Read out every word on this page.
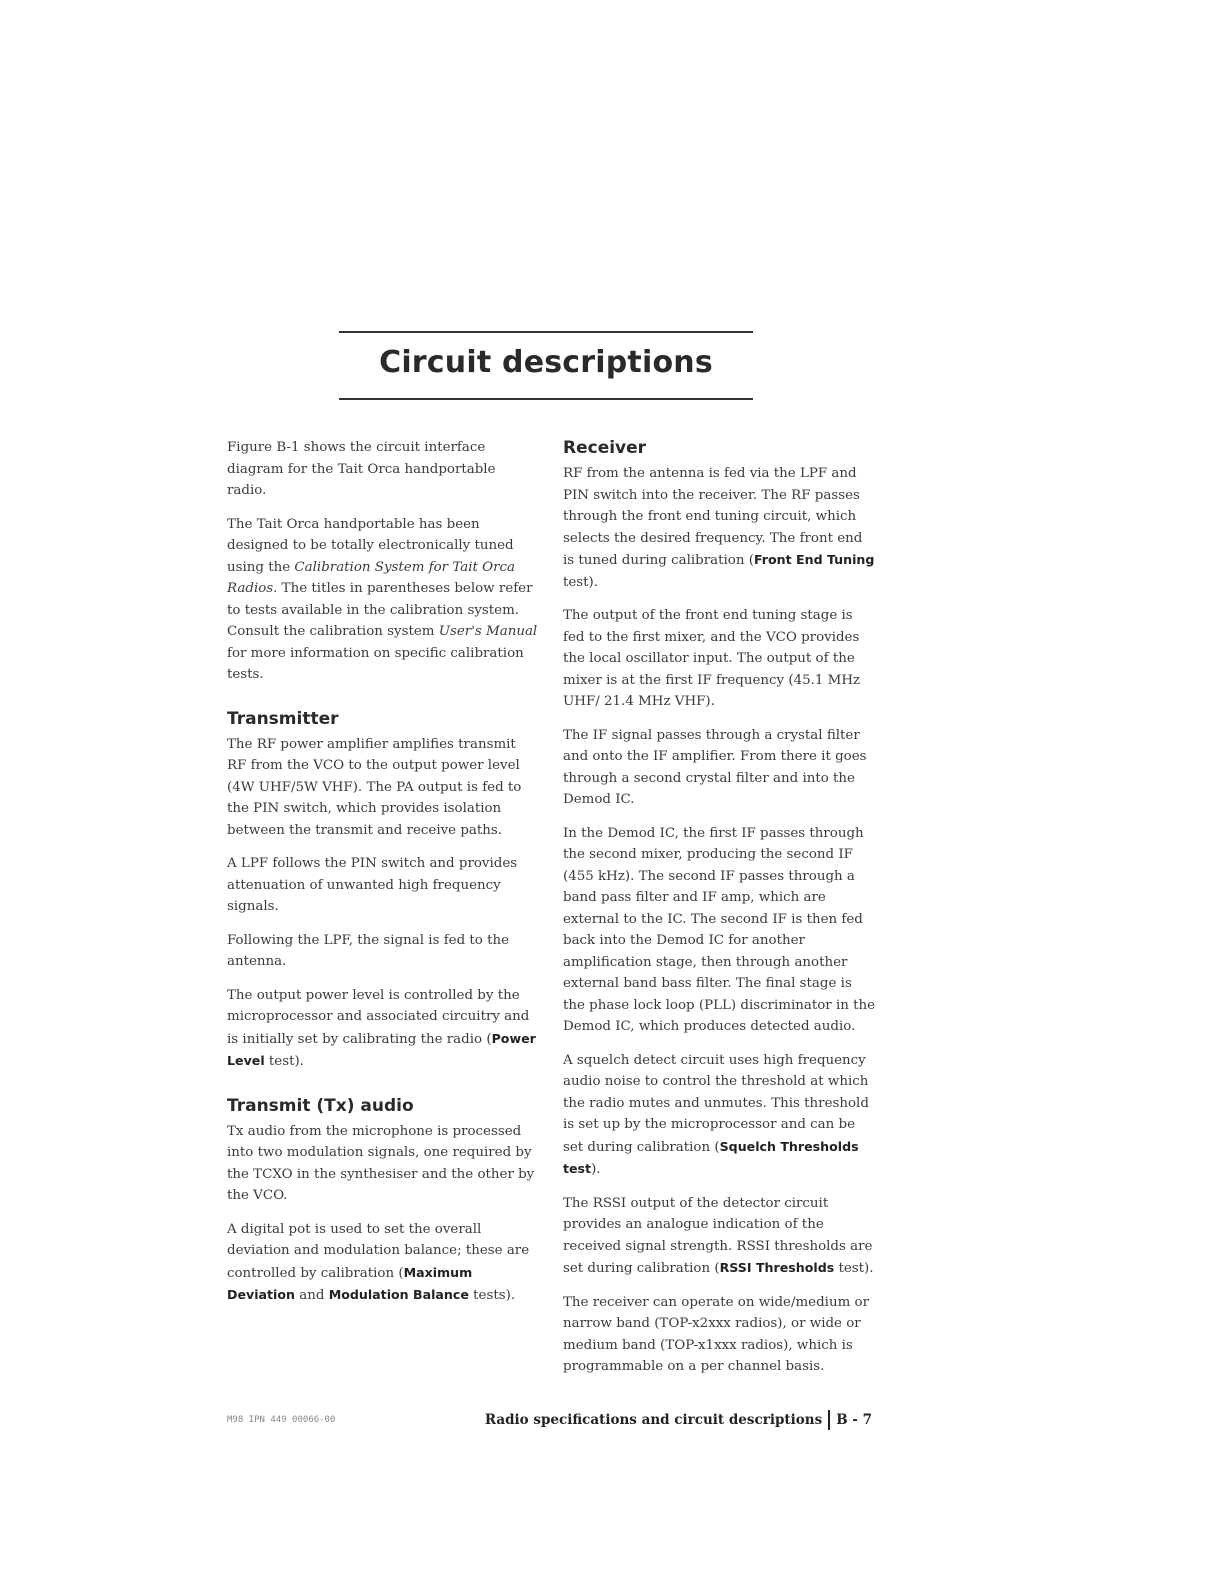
Circuit descriptions

Figure B-1 shows the circuit interface diagram for the Tait Orca handportable radio.

The Tait Orca handportable has been designed to be totally electronically tuned using the Calibration System for Tait Orca Radios. The titles in parentheses below refer to tests available in the calibration system. Consult the calibration system User's Manual for more information on specific calibration tests.

Transmitter

The RF power amplifier amplifies transmit RF from the VCO to the output power level (4W UHF/5W VHF). The PA output is fed to the PIN switch, which provides isolation between the transmit and receive paths.

A LPF follows the PIN switch and provides attenuation of unwanted high frequency signals.

Following the LPF, the signal is fed to the antenna.

The output power level is controlled by the microprocessor and associated circuitry and is initially set by calibrating the radio (Power Level test).

Transmit (Tx) audio

Tx audio from the microphone is processed into two modulation signals, one required by the TCXO in the synthesiser and the other by the VCO.

A digital pot is used to set the overall deviation and modulation balance; these are controlled by calibration (Maximum Deviation and Modulation Balance tests).

Receiver

RF from the antenna is fed via the LPF and PIN switch into the receiver. The RF passes through the front end tuning circuit, which selects the desired frequency. The front end is tuned during calibration (Front End Tuning test).

The output of the front end tuning stage is fed to the first mixer, and the VCO provides the local oscillator input. The output of the mixer is at the first IF frequency (45.1 MHz UHF/ 21.4 MHz VHF).

The IF signal passes through a crystal filter and onto the IF amplifier. From there it goes through a second crystal filter and into the Demod IC.

In the Demod IC, the first IF passes through the second mixer, producing the second IF (455 kHz). The second IF passes through a band pass filter and IF amp, which are external to the IC. The second IF is then fed back into the Demod IC for another amplification stage, then through another external band bass filter. The final stage is the phase lock loop (PLL) discriminator in the Demod IC, which produces detected audio.

A squelch detect circuit uses high frequency audio noise to control the threshold at which the radio mutes and unmutes. This threshold is set up by the microprocessor and can be set during calibration (Squelch Thresholds test).

The RSSI output of the detector circuit provides an analogue indication of the received signal strength. RSSI thresholds are set during calibration (RSSI Thresholds test).

The receiver can operate on wide/medium or narrow band (TOP-x2xxx radios), or wide or medium band (TOP-x1xxx radios), which is programmable on a per channel basis.

M98 IPN 449 00066-00	Radio specifications and circuit descriptions B - 7
